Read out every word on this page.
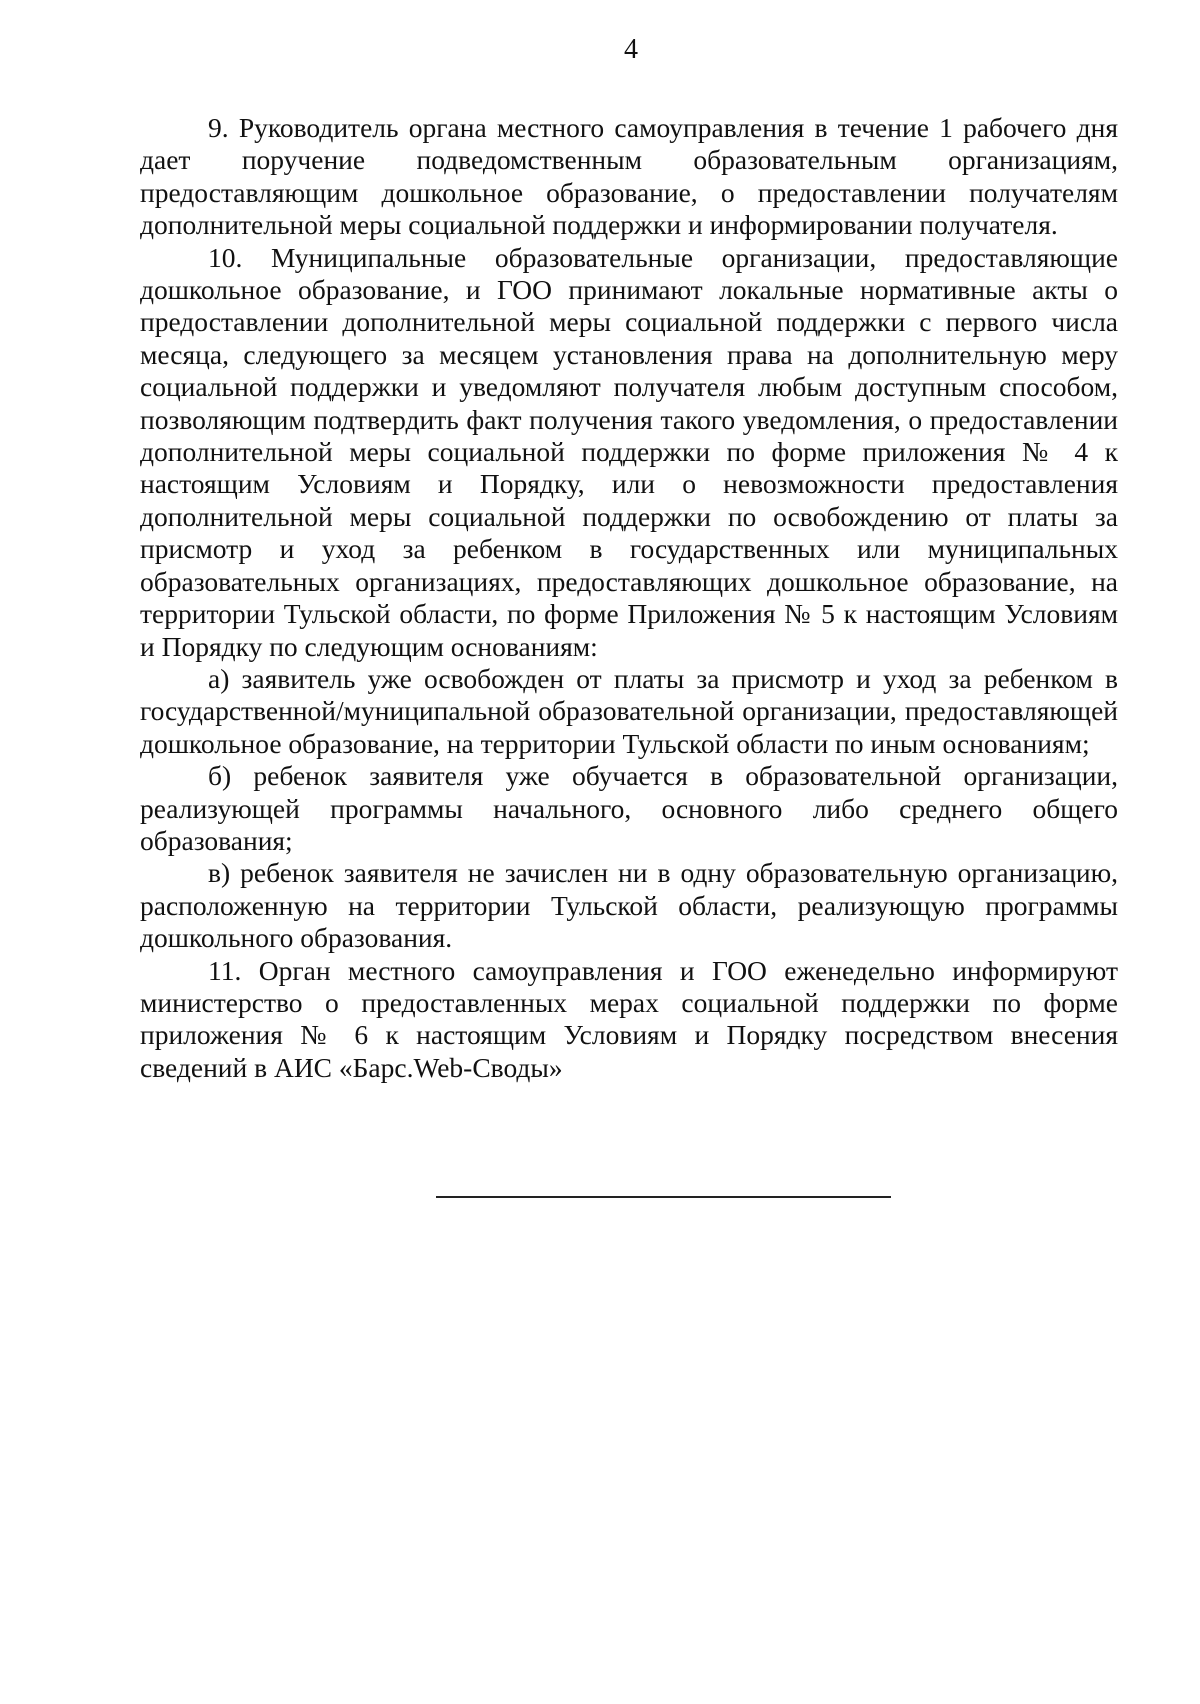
4

9. Руководитель органа местного самоуправления в течение 1 рабочего дня дает поручение подведомственным образовательным организациям, предоставляющим дошкольное образование, о предоставлении получателям дополнительной меры социальной поддержки и информировании получателя.

10. Муниципальные образовательные организации, предоставляющие дошкольное образование, и ГОО принимают локальные нормативные акты о предоставлении дополнительной меры социальной поддержки с первого числа месяца, следующего за месяцем установления права на дополнительную меру социальной поддержки и уведомляют получателя любым доступным способом, позволяющим подтвердить факт получения такого уведомления, о предоставлении дополнительной меры социальной поддержки по форме приложения № 4 к настоящим Условиям и Порядку, или о невозможности предоставления дополнительной меры социальной поддержки по освобождению от платы за присмотр и уход за ребенком в государственных или муниципальных образовательных организациях, предоставляющих дошкольное образование, на территории Тульской области, по форме Приложения № 5 к настоящим Условиям и Порядку по следующим основаниям:

а) заявитель уже освобожден от платы за присмотр и уход за ребенком в государственной/муниципальной образовательной организации, предоставляющей дошкольное образование, на территории Тульской области по иным основаниям;

б) ребенок заявителя уже обучается в образовательной организации, реализующей программы начального, основного либо среднего общего образования;

в) ребенок заявителя не зачислен ни в одну образовательную организацию, расположенную на территории Тульской области, реализующую программы дошкольного образования.

11. Орган местного самоуправления и ГОО еженедельно информируют министерство о предоставленных мерах социальной поддержки по форме приложения № 6 к настоящим Условиям и Порядку посредством внесения сведений в АИС «Барс.Web-Своды»
